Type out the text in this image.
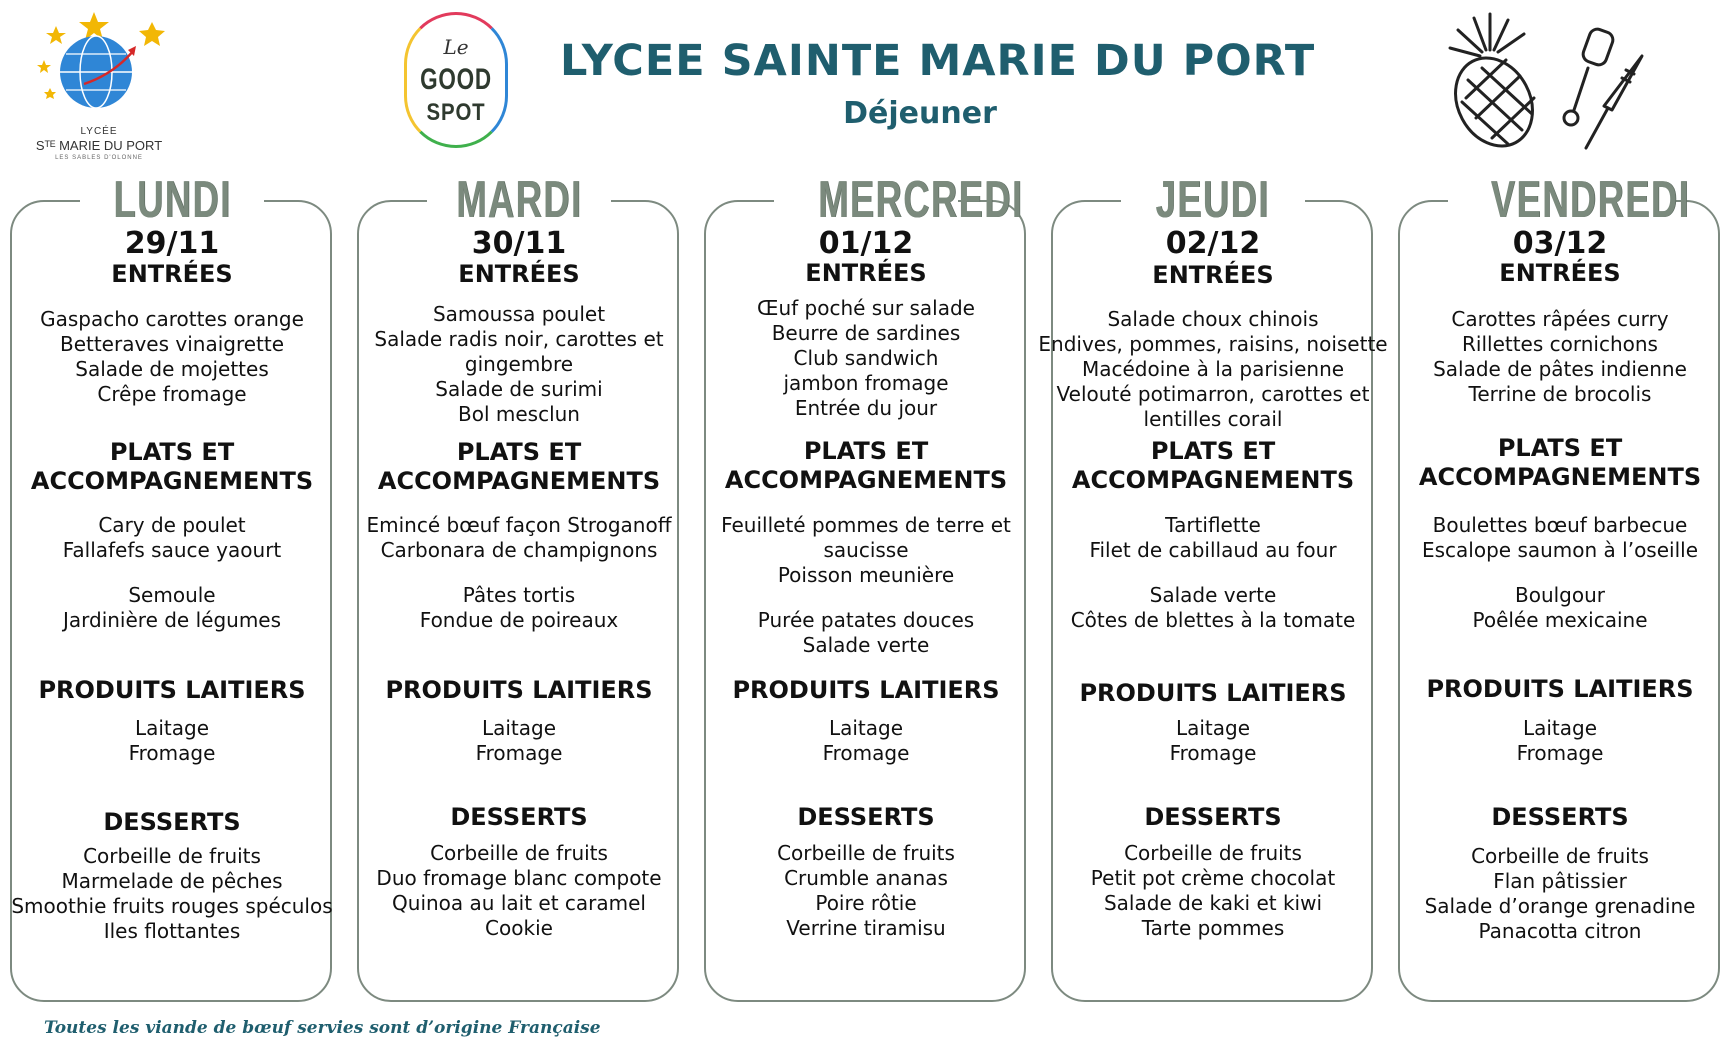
SMP
LYCÉE
Sᵀᴱ MARIE DU PORT
LES SABLES D'OLONNE
Le
GOOD
SPOT
LYCEE SAINTE MARIE DU PORT
Déjeuner
LUNDI
29/11
ENTRÉES
Gaspacho carottes orange
Betteraves vinaigrette
Salade de mojettes
Crêpe fromage
PLATS ET ACCOMPAGNEMENTS
Cary de poulet
Fallafefs sauce yaourt
Semoule
Jardinière de légumes
PRODUITS LAITIERS
Laitage
Fromage
DESSERTS
Corbeille de fruits
Marmelade de pêches
Smoothie fruits rouges spéculos
Iles flottantes
MARDI
30/11
ENTRÉES
Samoussa poulet
Salade radis noir, carottes et gingembre
Salade de surimi
Bol mesclun
PLATS ET ACCOMPAGNEMENTS
Emincé bœuf façon Stroganoff
Carbonara de champignons
Pâtes tortis
Fondue de poireaux
PRODUITS LAITIERS
Laitage
Fromage
DESSERTS
Corbeille de fruits
Duo fromage blanc compote
Quinoa au lait et caramel
Cookie
MERCREDI
01/12
ENTRÉES
Œuf poché sur salade
Beurre de sardines
Club sandwich jambon fromage
Entrée du jour
PLATS ET ACCOMPAGNEMENTS
Feuilleté pommes de terre et saucisse
Poisson meunière
Purée patates douces
Salade verte
PRODUITS LAITIERS
Laitage
Fromage
DESSERTS
Corbeille de fruits
Crumble ananas
Poire rôtie
Verrine tiramisu
JEUDI
02/12
ENTRÉES
Salade choux chinois
Endives, pommes, raisins, noisette
Macédoine à la parisienne
Velouté potimarron, carottes et lentilles corail
PLATS ET ACCOMPAGNEMENTS
Tartiflette
Filet de cabillaud au four
Salade verte
Côtes de blettes à la tomate
PRODUITS LAITIERS
Laitage
Fromage
DESSERTS
Corbeille de fruits
Petit pot crème chocolat
Salade de kaki et kiwi
Tarte pommes
VENDREDI
03/12
ENTRÉES
Carottes râpées curry
Rillettes cornichons
Salade de pâtes indienne
Terrine de brocolis
PLATS ET ACCOMPAGNEMENTS
Boulettes bœuf barbecue
Escalope saumon à l’oseille
Boulgour
Poêlée mexicaine
PRODUITS LAITIERS
Laitage
Fromage
DESSERTS
Corbeille de fruits
Flan pâtissier
Salade d’orange grenadine
Panacotta citron
Toutes les viande de bœuf servies sont d’origine Française
